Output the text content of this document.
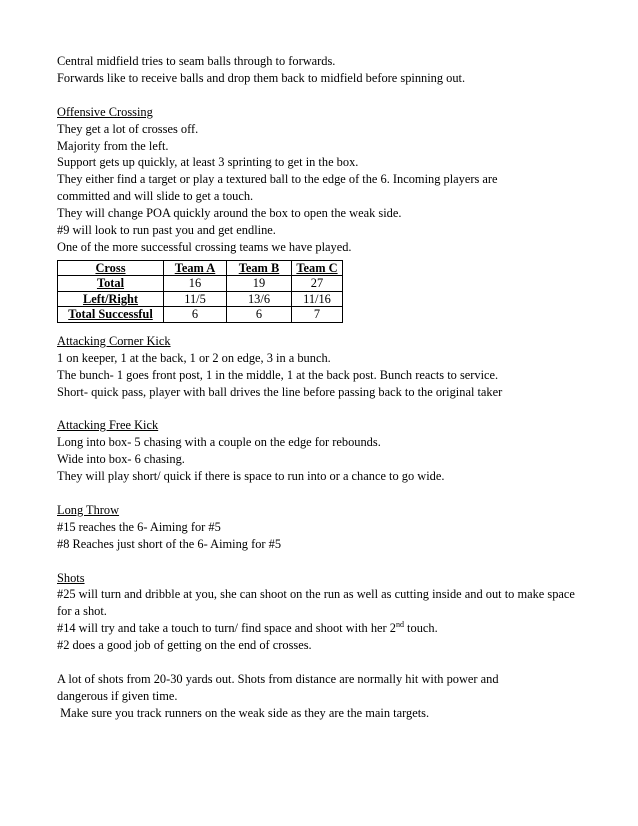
Central midfield tries to seam balls through to forwards.
Forwards like to receive balls and drop them back to midfield before spinning out.
Offensive Crossing
They get a lot of crosses off.
Majority from the left.
Support gets up quickly, at least 3 sprinting to get in the box.
They either find a target or play a textured ball to the edge of the 6. Incoming players are committed and will slide to get a touch.
They will change POA quickly around the box to open the weak side.
#9 will look to run past you and get endline.
One of the more successful crossing teams we have played.
Cross	Team A	Team B	Team C
Total	16	19	27
Left/Right	11/5	13/6	11/16
Total Successful	6	6	7
Attacking Corner Kick
1 on keeper, 1 at the back, 1 or 2 on edge, 3 in a bunch.
The bunch- 1 goes front post, 1 in the middle, 1 at the back post. Bunch reacts to service.
Short- quick pass, player with ball drives the line before passing back to the original taker
Attacking Free Kick
Long into box- 5 chasing with a couple on the edge for rebounds.
Wide into box- 6 chasing.
They will play short/ quick if there is space to run into or a chance to go wide.
Long Throw
#15 reaches the 6- Aiming for #5
#8 Reaches just short of the 6- Aiming for #5
Shots
#25 will turn and dribble at you, she can shoot on the run as well as cutting inside and out to make space for a shot.
#14 will try and take a touch to turn/ find space and shoot with her 2nd touch.
#2 does a good job of getting on the end of crosses.
A lot of shots from 20-30 yards out. Shots from distance are normally hit with power and dangerous if given time.
Make sure you track runners on the weak side as they are the main targets.
